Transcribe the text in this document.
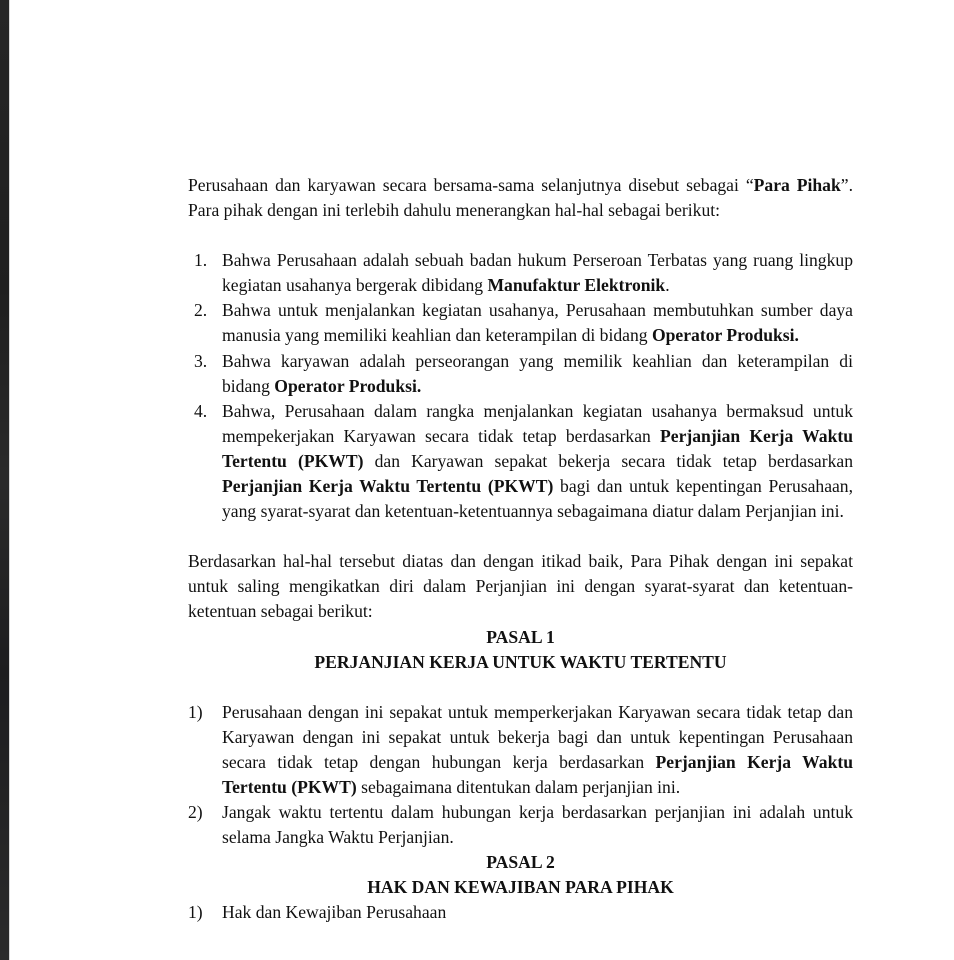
Perusahaan dan karyawan secara bersama-sama selanjutnya disebut sebagai “Para Pihak”. Para pihak dengan ini terlebih dahulu menerangkan hal-hal sebagai berikut:

1. Bahwa Perusahaan adalah sebuah badan hukum Perseroan Terbatas yang ruang lingkup kegiatan usahanya bergerak dibidang Manufaktur Elektronik.
2. Bahwa untuk menjalankan kegiatan usahanya, Perusahaan membutuhkan sumber daya manusia yang memiliki keahlian dan keterampilan di bidang Operator Produksi.
3. Bahwa karyawan adalah perseorangan yang memilik keahlian dan keterampilan di bidang Operator Produksi.
4. Bahwa, Perusahaan dalam rangka menjalankan kegiatan usahanya bermaksud untuk mempekerjakan Karyawan secara tidak tetap berdasarkan Perjanjian Kerja Waktu Tertentu (PKWT) dan Karyawan sepakat bekerja secara tidak tetap berdasarkan Perjanjian Kerja Waktu Tertentu (PKWT) bagi dan untuk kepentingan Perusahaan, yang syarat-syarat dan ketentuan-ketentuannya sebagaimana diatur dalam Perjanjian ini.

Berdasarkan hal-hal tersebut diatas dan dengan itikad baik, Para Pihak dengan ini sepakat untuk saling mengikatkan diri dalam Perjanjian ini dengan syarat-syarat dan ketentuan-ketentuan sebagai berikut:

PASAL 1
PERJANJIAN KERJA UNTUK WAKTU TERTENTU
1) Perusahaan dengan ini sepakat untuk memperkerjakan Karyawan secara tidak tetap dan Karyawan dengan ini sepakat untuk bekerja bagi dan untuk kepentingan Perusahaan secara tidak tetap dengan hubungan kerja berdasarkan Perjanjian Kerja Waktu Tertentu (PKWT) sebagaimana ditentukan dalam perjanjian ini.
2) Jangak waktu tertentu dalam hubungan kerja berdasarkan perjanjian ini adalah untuk selama Jangka Waktu Perjanjian.
PASAL 2
HAK DAN KEWAJIBAN PARA PIHAK
1) Hak dan Kewajiban Perusahaan
